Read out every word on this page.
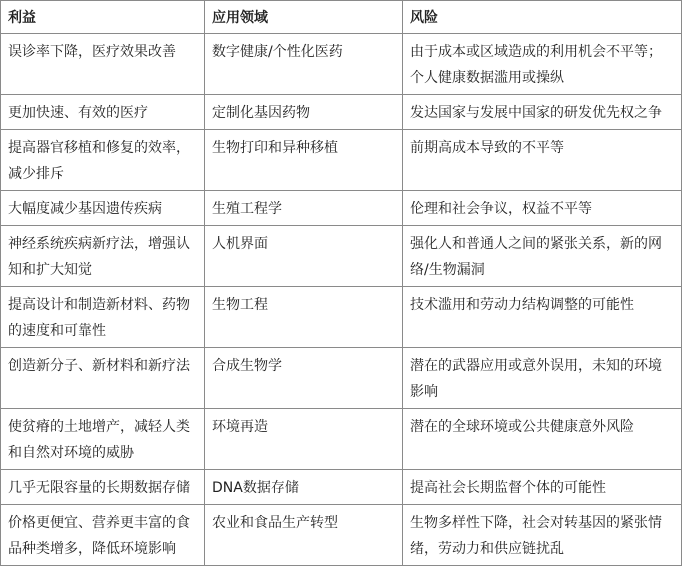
利益	应用领域	风险
误诊率下降，医疗效果改善	数字健康/个性化医药	由于成本或区域造成的利用机会不平等；个人健康数据滥用或操纵
更加快速、有效的医疗	定制化基因药物	发达国家与发展中国家的研发优先权之争
提高器官移植和修复的效率，减少排斥	生物打印和异种移植	前期高成本导致的不平等
大幅度减少基因遗传疾病	生殖工程学	伦理和社会争议，权益不平等
神经系统疾病新疗法，增强认知和扩大知觉	人机界面	强化人和普通人之间的紧张关系，新的网络/生物漏洞
提高设计和制造新材料、药物的速度和可靠性	生物工程	技术滥用和劳动力结构调整的可能性
创造新分子、新材料和新疗法	合成生物学	潜在的武器应用或意外误用，未知的环境影响
使贫瘠的土地增产，减轻人类和自然对环境的威胁	环境再造	潜在的全球环境或公共健康意外风险
几乎无限容量的长期数据存储	DNA数据存储	提高社会长期监督个体的可能性
价格更便宜、营养更丰富的食品种类增多，降低环境影响	农业和食品生产转型	生物多样性下降，社会对转基因的紧张情绪，劳动力和供应链扰乱
